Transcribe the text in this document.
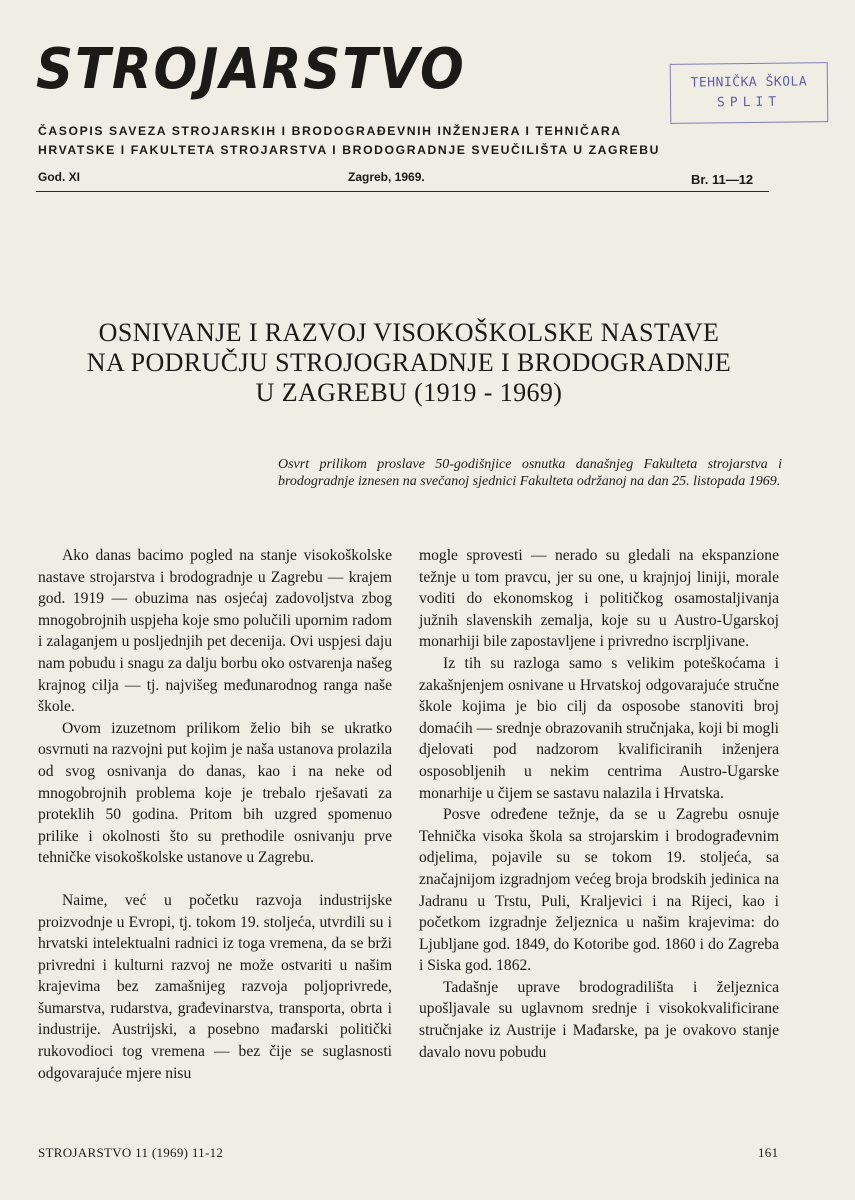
STROJARSTVO
ČASOPIS SAVEZA STROJARSKIH I BRODOGRAĐEVNIH INŽENJERA I TEHNIČARA
HRVATSKE I FAKULTETA STROJARSTVA I BRODOGRADNJE SVEUČILIŠTA U ZAGREBU
God. XI	Zagreb, 1969.	Br. 11—12
TEHNIČKA ŠKOLA
SPLIT
OSNIVANJE I RAZVOJ VISOKOŠKOLSKE NASTAVE
NA PODRUČJU STROJOGRADNJE I BRODOGRADNJE
U ZAGREBU (1919 - 1969)
Osvrt prilikom proslave 50-godišnjice osnutka današnjeg Fakulteta strojarstva i brodogradnje iznesen na svečanoj sjednici Fakulteta održanoj na dan 25. listopada 1969.

Ako danas bacimo pogled na stanje visokoškolske nastave strojarstva i brodogradnje u Zagrebu — krajem god. 1919 — obuzima nas osjećaj zadovoljstva zbog mnogobrojnih uspjeha koje smo polučili upornim radom i zalaganjem u posljednjih pet decenija. Ovi uspjesi daju nam pobudu i snagu za dalju borbu oko ostvarenja našeg krajnog cilja — tj. najvišeg međunarodnog ranga naše škole.

Ovom izuzetnom prilikom želio bih se ukratko osvrnuti na razvojni put kojim je naša ustanova prolazila od svog osnivanja do danas, kao i na neke od mnogobrojnih problema koje je trebalo rješavati za proteklih 50 godina. Pritom bih uzgred spomenuo prilike i okolnosti što su prethodile osnivanju prve tehničke visokoškolske ustanove u Zagrebu.

Naime, već u početku razvoja industrijske proizvodnje u Evropi, tj. tokom 19. stoljeća, utvrdili su i hrvatski intelektualni radnici iz toga vremena, da se brži privredni i kulturni razvoj ne može ostvariti u našim krajevima bez zamašnijeg razvoja poljoprivrede, šumarstva, rudarstva, građevinarstva, transporta, obrta i industrije. Austrijski, a posebno mađarski politički rukovodioci tog vremena — bez čije se suglasnosti odgovarajuće mjere nisu

mogle sprovesti — nerado su gledali na ekspanzione težnje u tom pravcu, jer su one, u krajnjoj liniji, morale voditi do ekonomskog i političkog osamostaljivanja južnih slavenskih zemalja, koje su u Austro-Ugarskoj monarhiji bile zapostavljene i privredno iscrpljivane.

Iz tih su razloga samo s velikim poteškoćama i zakašnjenjem osnivane u Hrvatskoj odgovarajuće stručne škole kojima je bio cilj da osposobe stanoviti broj domaćih — srednje obrazovanih stručnjaka, koji bi mogli djelovati pod nadzorom kvalificiranih inženjera osposobljenih u nekim centrima Austro-Ugarske monarhije u čijem se sastavu nalazila i Hrvatska.

Posve određene težnje, da se u Zagrebu osnuje Tehnička visoka škola sa strojarskim i brodograđevnim odjelima, pojavile su se tokom 19. stoljeća, sa značajnijom izgradnjom većeg broja brodskih jedinica na Jadranu u Trstu, Puli, Kraljevici i na Rijeci, kao i početkom izgradnje željeznica u našim krajevima: do Ljubljane god. 1849, do Kotoribe god. 1860 i do Zagreba i Siska god. 1862.

Tadašnje uprave brodogradilišta i željeznica upošljavale su uglavnom srednje i visokokvalificirane stručnjake iz Austrije i Mađarske, pa je ovakovo stanje davalo novu pobudu

STROJARSTVO 11 (1969) 11-12	161
